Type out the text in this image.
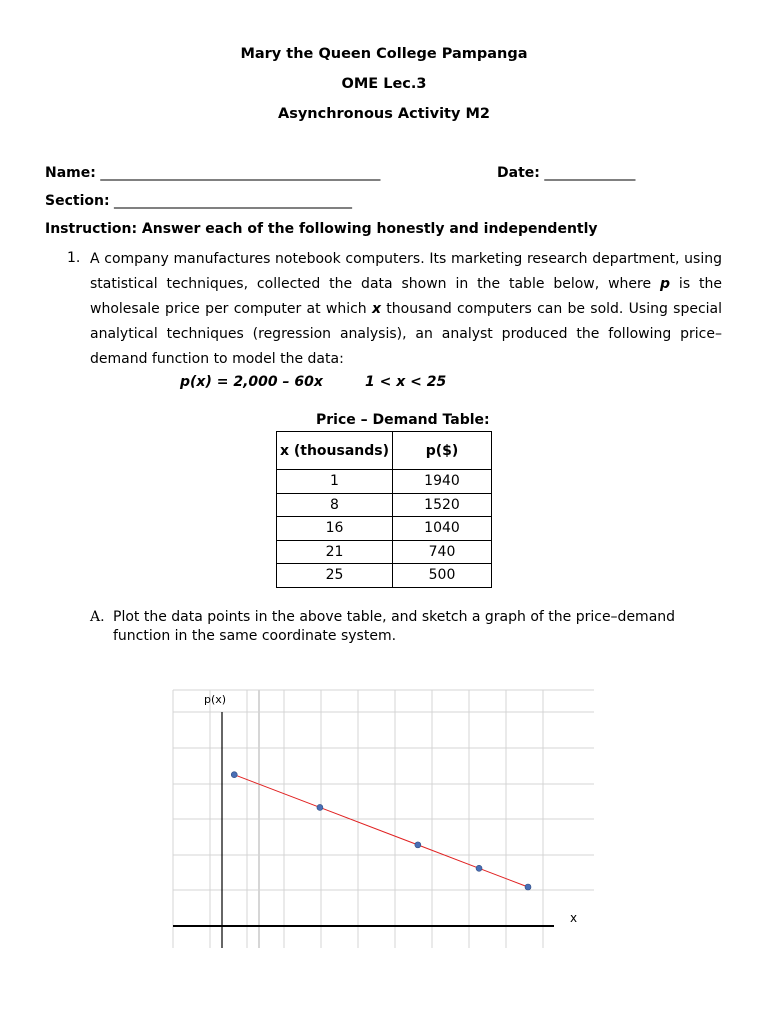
Mary the Queen College Pampanga
OME Lec.3
Asynchronous Activity M2
Name: ________________________________________	Date: _____________
Section: __________________________________
Instruction: Answer each of the following honestly and independently
1. A company manufactures notebook computers. Its marketing research department, using statistical techniques, collected the data shown in the table below, where p is the wholesale price per computer at which x thousand computers can be sold. Using special analytical techniques (regression analysis), an analyst produced the following price–demand function to model the data:
p(x) = 2,000 – 60x	1 < x < 25
Price – Demand Table:
x (thousands)	p($)
1	1940
8	1520
16	1040
21	740
25	500
A. Plot the data points in the above table, and sketch a graph of the price–demand function in the same coordinate system.
p(x)
x
